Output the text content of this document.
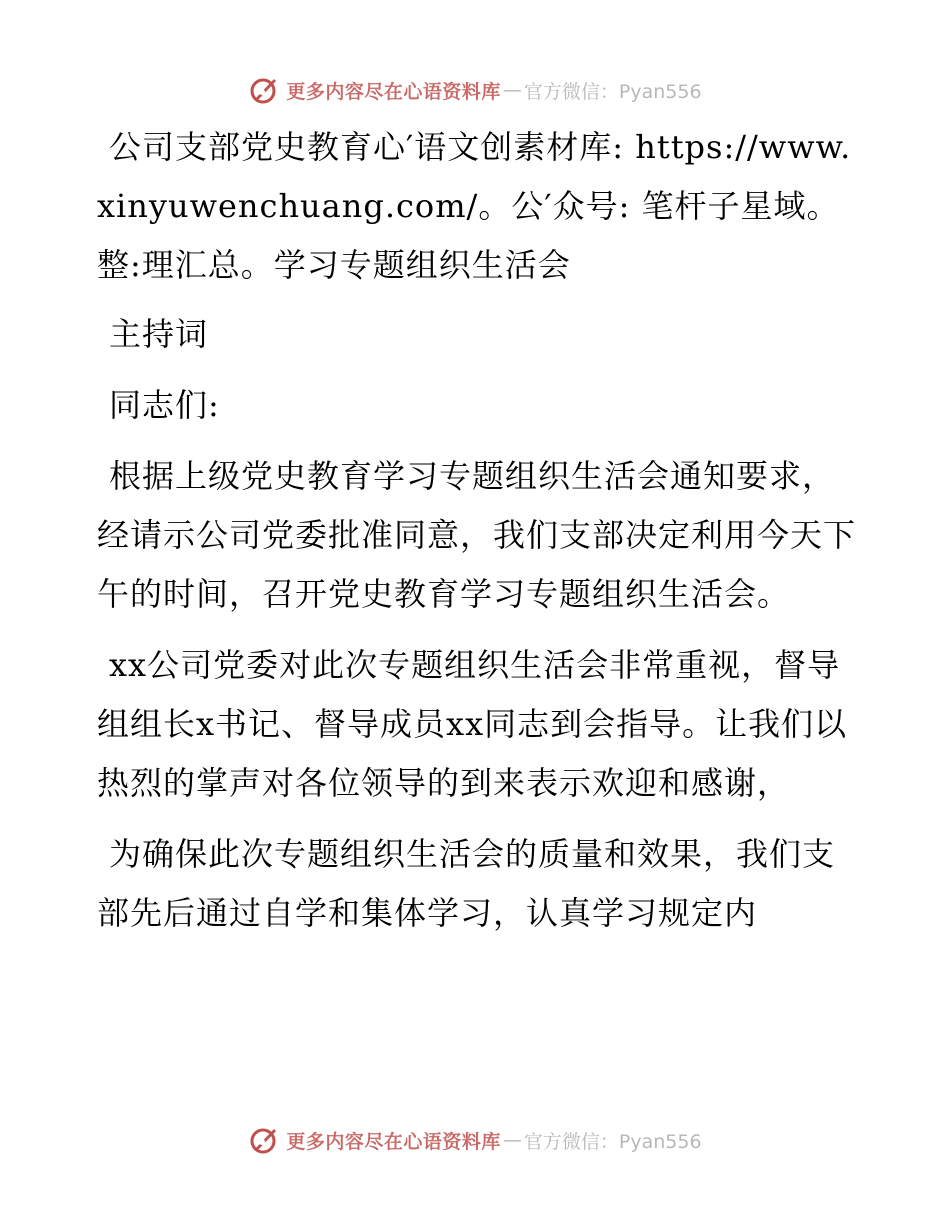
更多内容尽在心语资料库 — 官方微信：Pyan556

公司支部党史教育心′语文创素材库: https://www.xinyuwenchuang.com/。公′众号: 笔杆子星域。整:理汇总。学习专题组织生活会

主持词

同志们:

根据上级党史教育学习专题组织生活会通知要求，经请示公司党委批准同意，我们支部决定利用今天下午的时间，召开党史教育学习专题组织生活会。

xx公司党委对此次专题组织生活会非常重视，督导组组长x书记、督导成员xx同志到会指导。让我们以热烈的掌声对各位领导的到来表示欢迎和感谢，

为确保此次专题组织生活会的质量和效果，我们支部先后通过自学和集体学习，认真学习规定内

更多内容尽在心语资料库 — 官方微信：Pyan556
